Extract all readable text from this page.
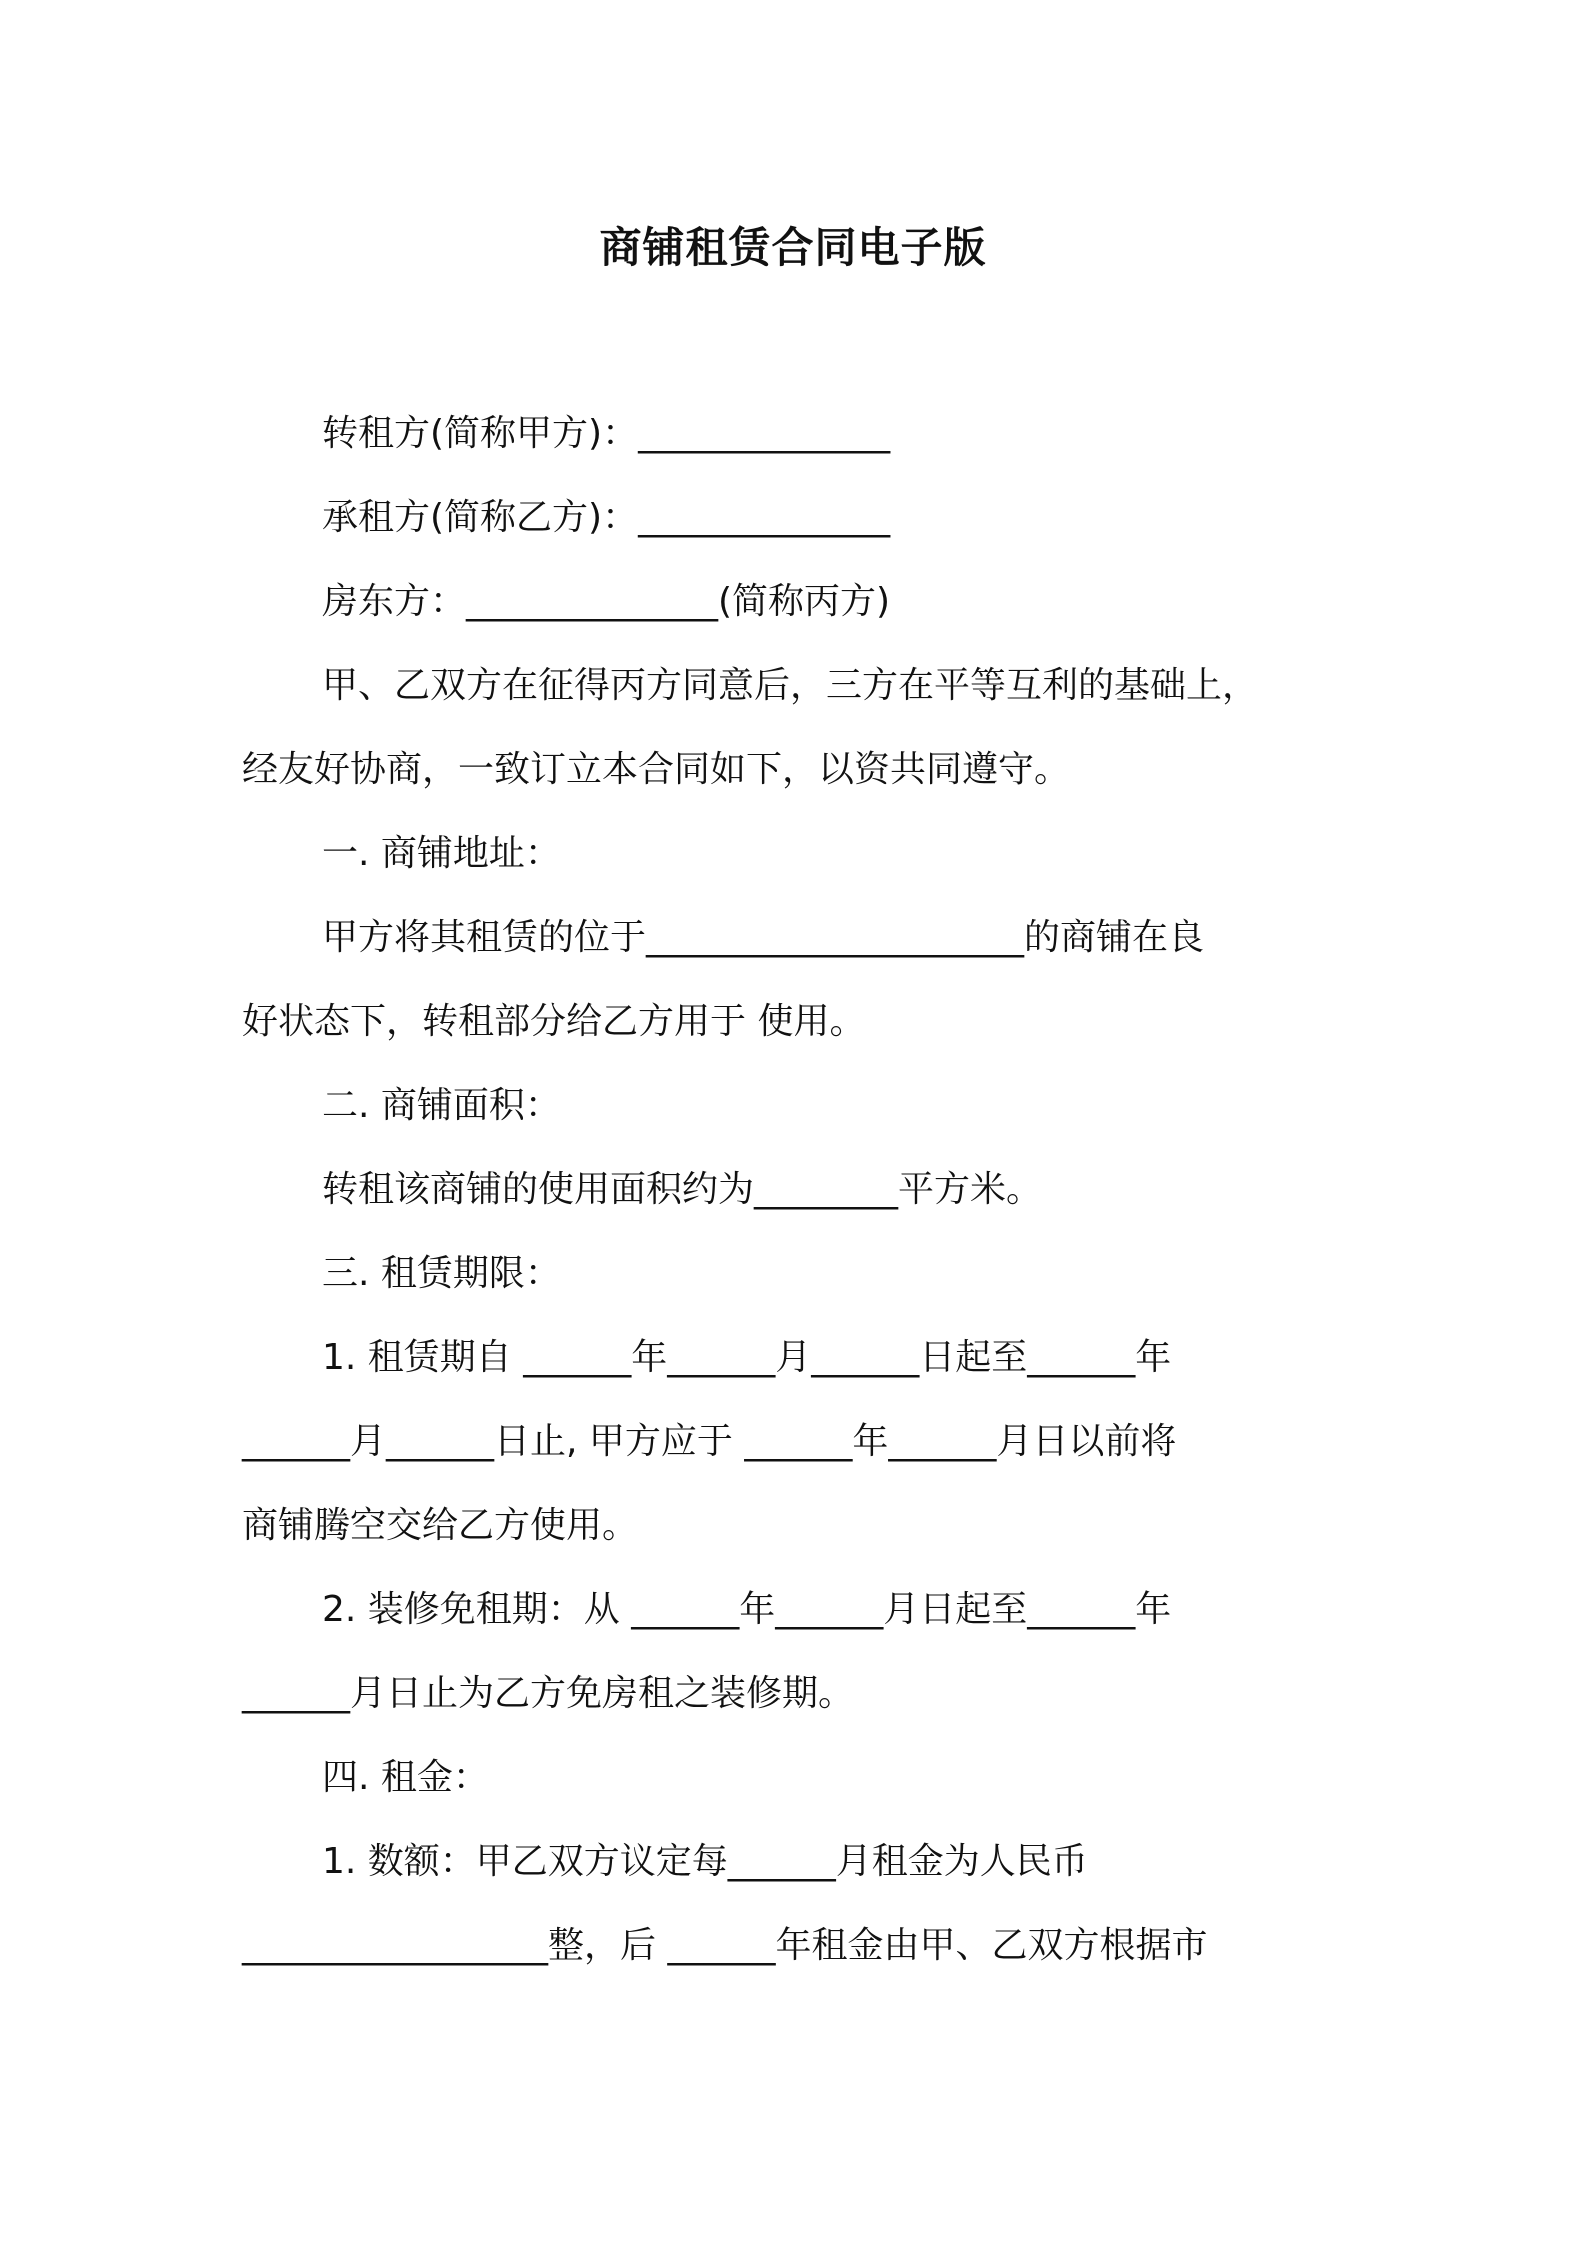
商铺租赁合同电子版
转租方(简称甲方)：______________
承租方(简称乙方)：______________
房东方：______________(简称丙方)
甲、乙双方在征得丙方同意后，三方在平等互利的基础上，
经友好协商，一致订立本合同如下，以资共同遵守。
一. 商铺地址：
甲方将其租赁的位于_____________________的商铺在良
好状态下，转租部分给乙方用于 使用。
二. 商铺面积：
转租该商铺的使用面积约为________平方米。
三. 租赁期限：
1. 租赁期自 ______年______月______日起至______年
______月______日止, 甲方应于 ______年______月日以前将
商铺腾空交给乙方使用。
2. 装修免租期：从 ______年______月日起至______年
______月日止为乙方免房租之装修期。
四. 租金：
1. 数额：甲乙双方议定每______月租金为人民币
_________________整，后 ______年租金由甲、乙双方根据市
